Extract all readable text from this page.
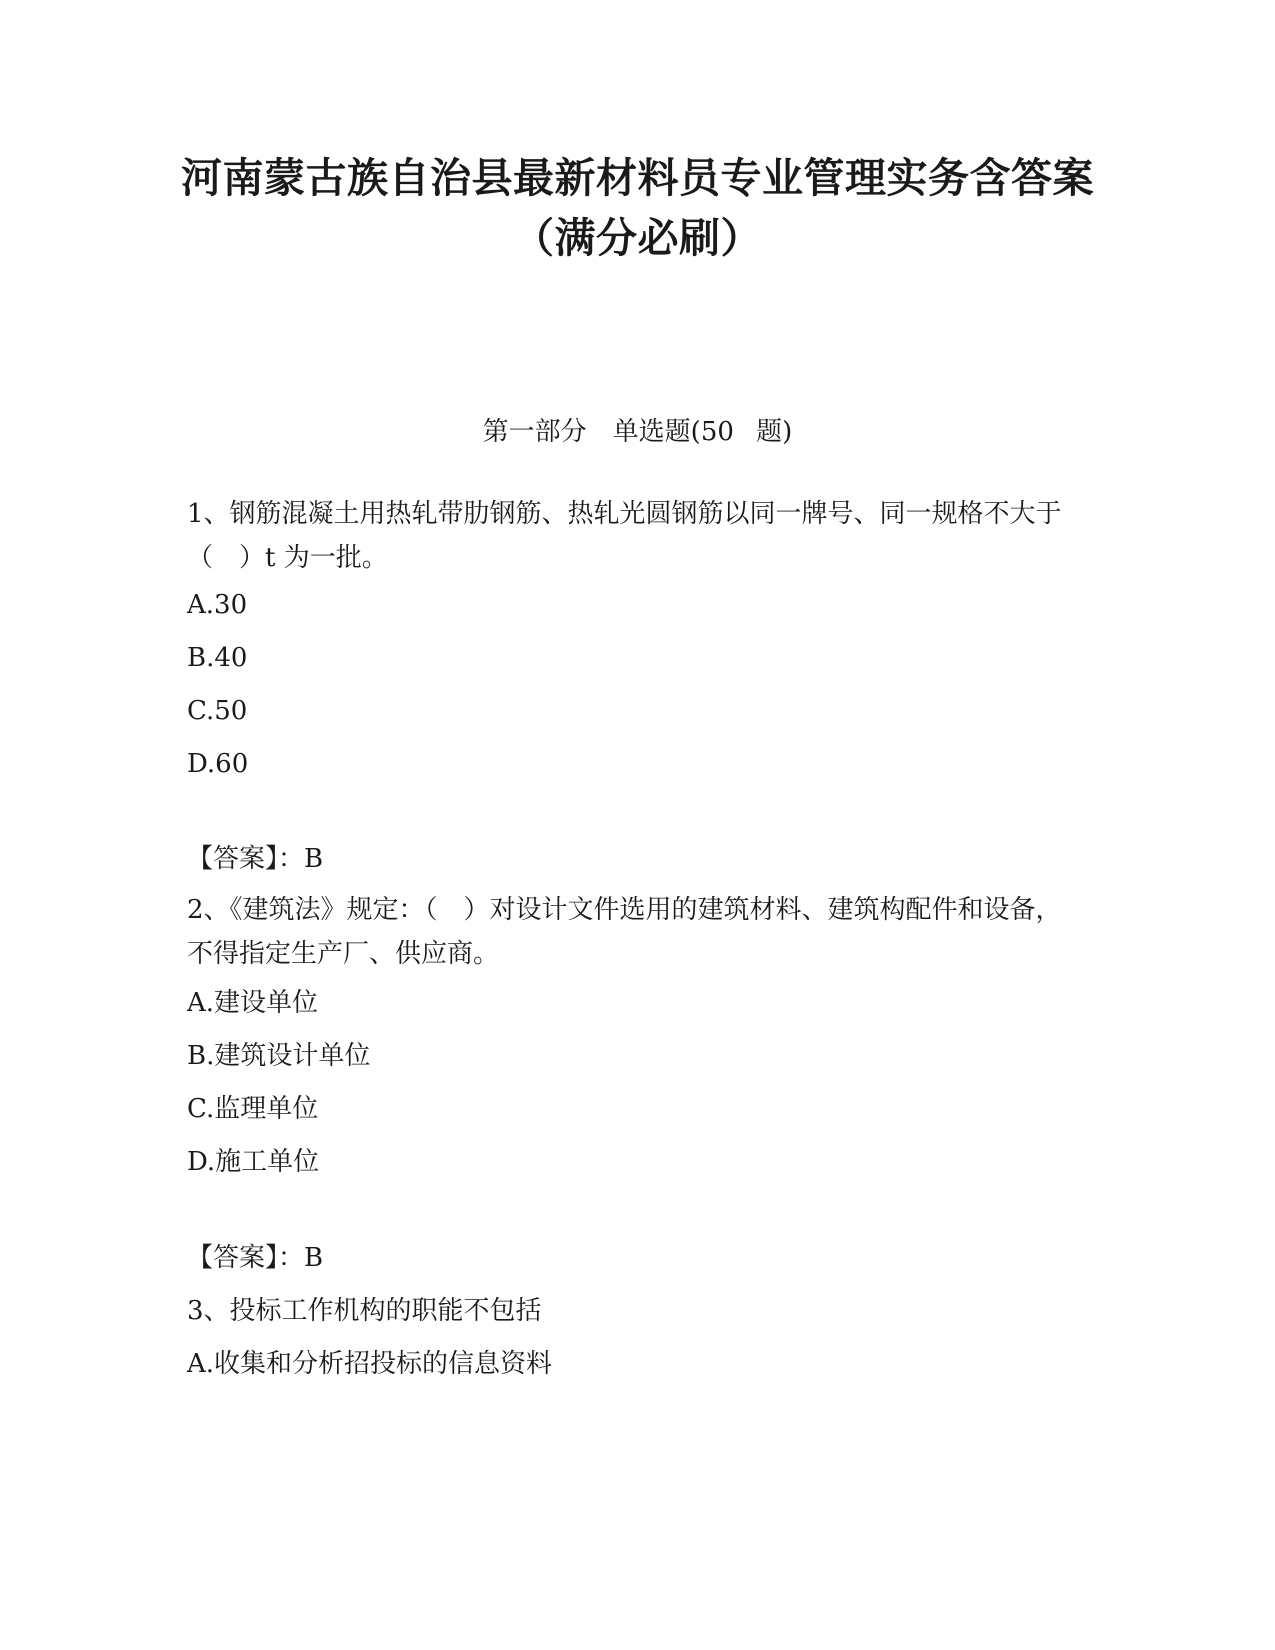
河南蒙古族自治县最新材料员专业管理实务含答案（满分必刷）
第一部分　单选题(50 题)
1、钢筋混凝土用热轧带肋钢筋、热轧光圆钢筋以同一牌号、同一规格不大于（　）t 为一批。
A.30
B.40
C.50
D.60
【答案】：B
2、《建筑法》规定：（　）对设计文件选用的建筑材料、建筑构配件和设备，不得指定生产厂、供应商。
A.建设单位
B.建筑设计单位
C.监理单位
D.施工单位
【答案】：B
3、投标工作机构的职能不包括
A.收集和分析招投标的信息资料
